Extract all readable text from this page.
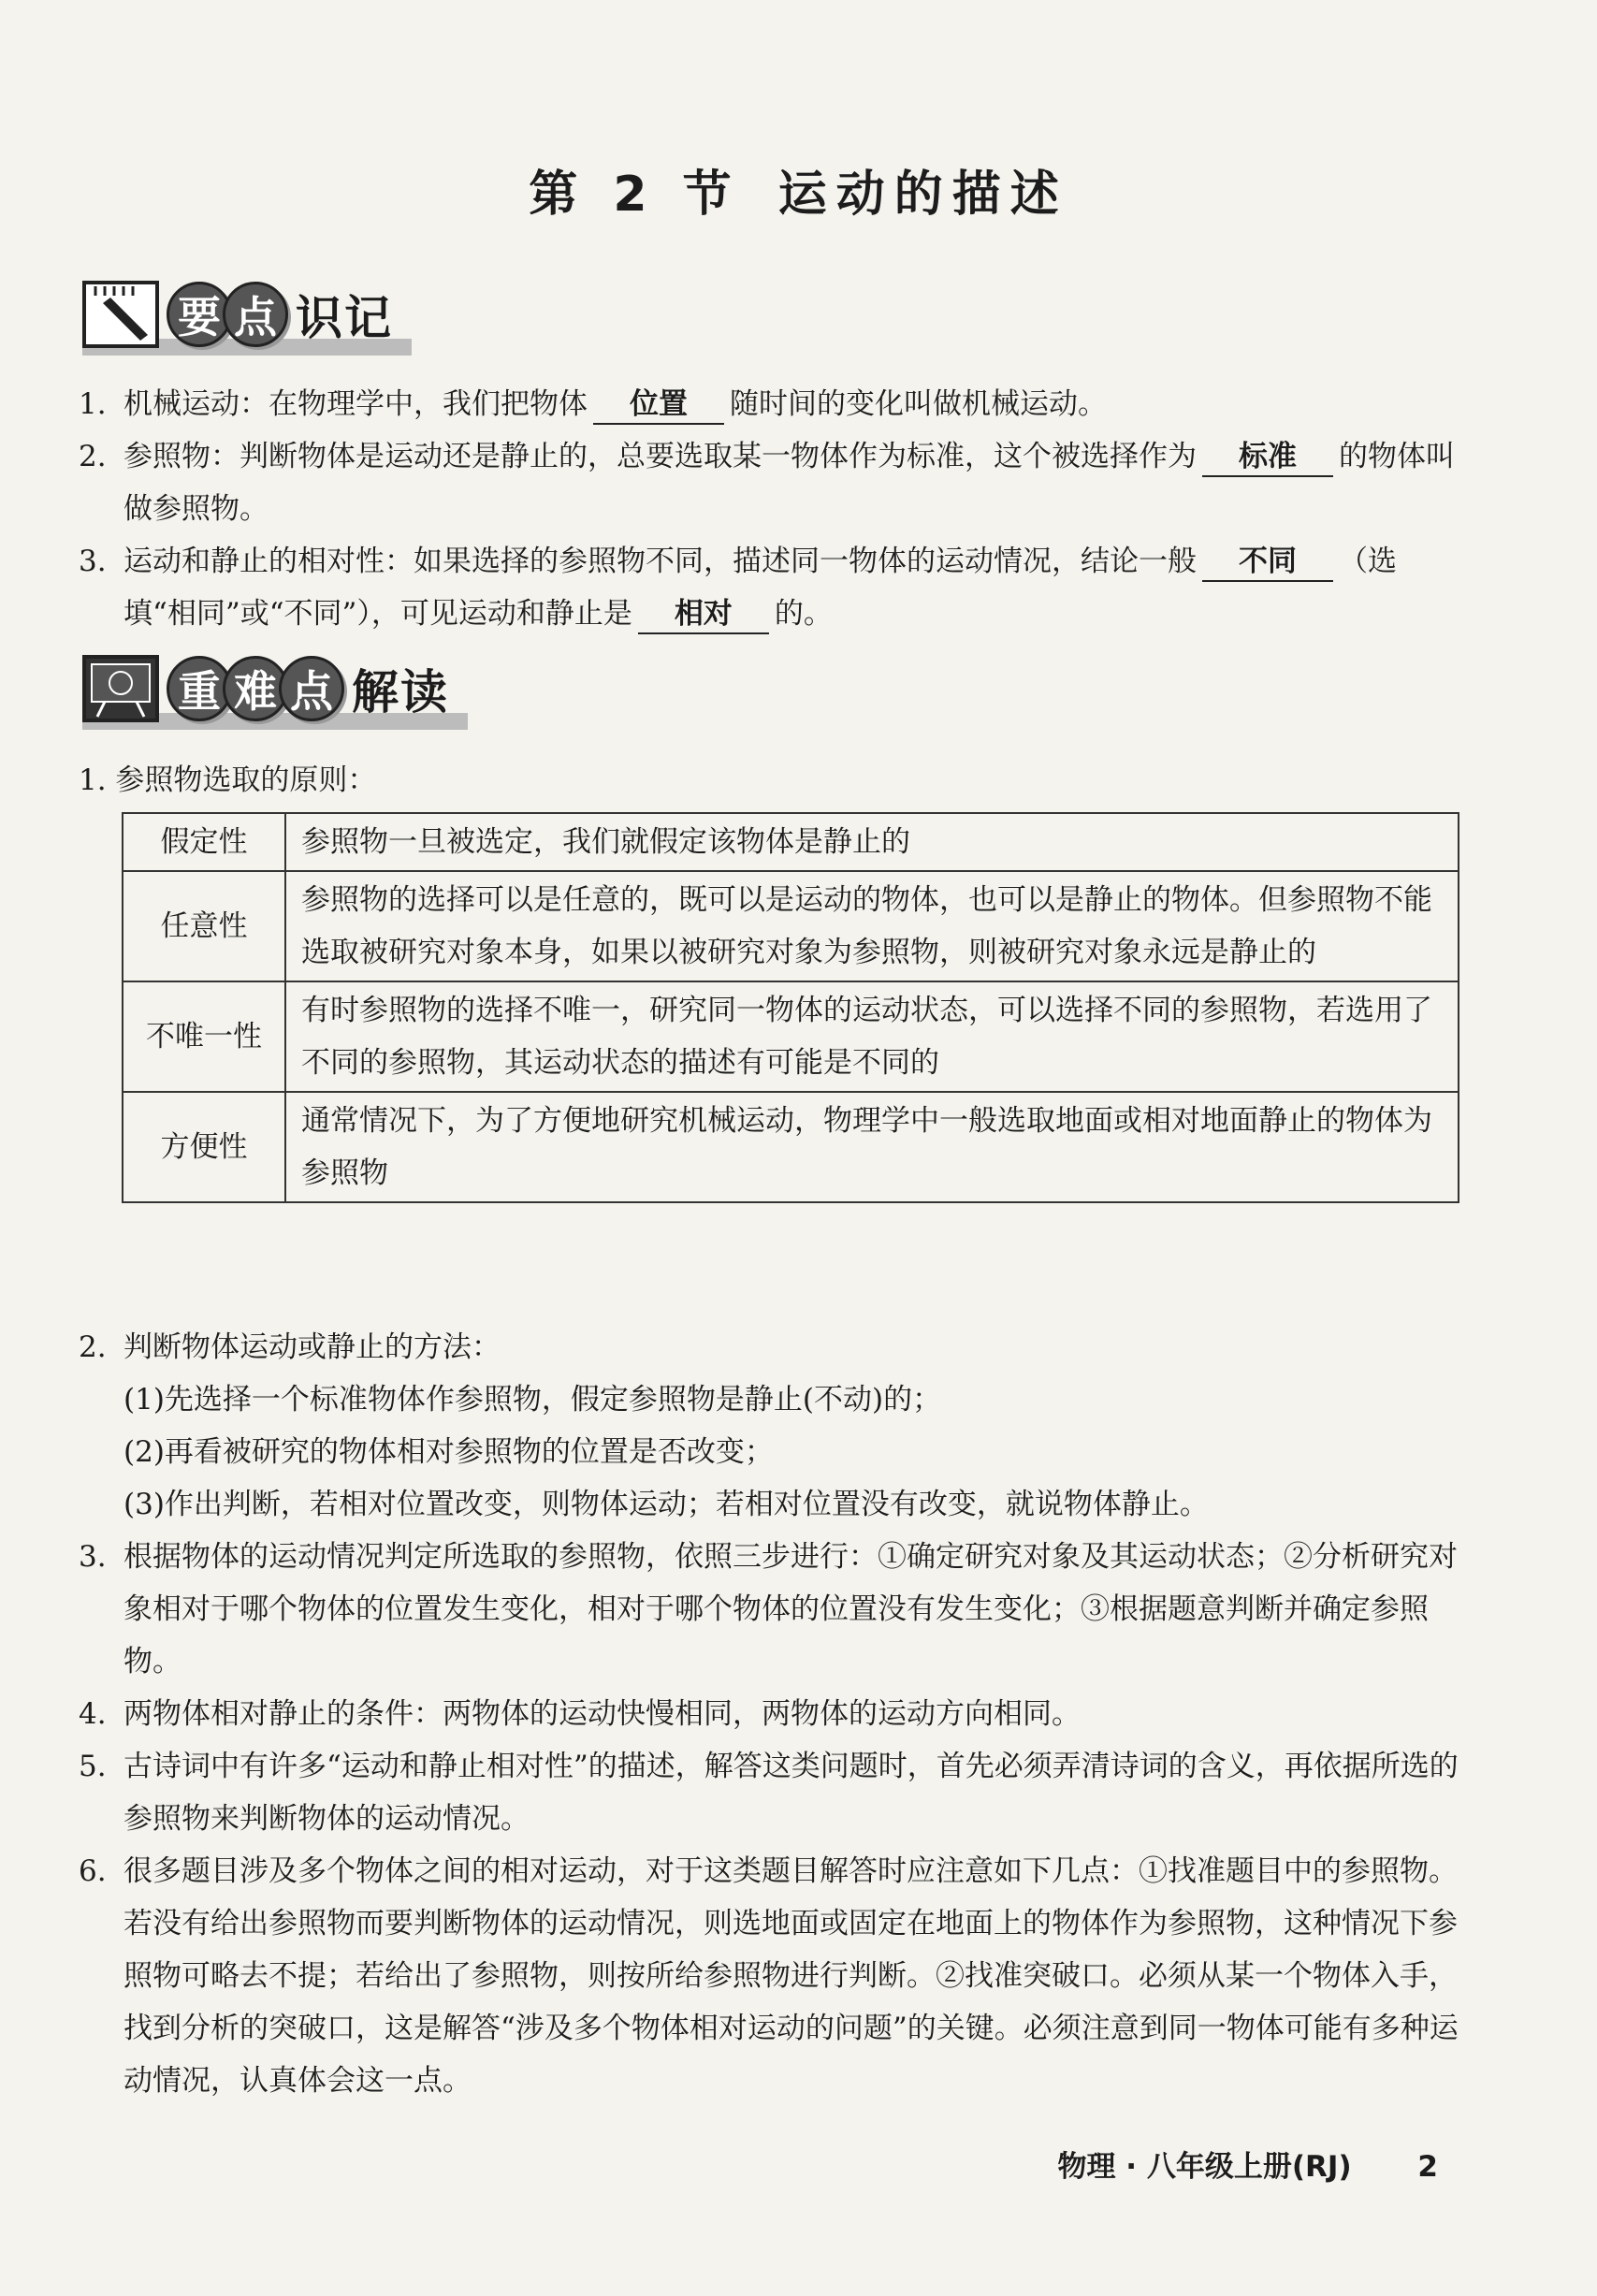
第 2 节 运动的描述
要 点 识记
1. 机械运动：在物理学中，我们把物体 位置 随时间的变化叫做机械运动。
2. 参照物：判断物体是运动还是静止的，总要选取某一物体作为标准，这个被选择作为 标准 的物体叫做参照物。
3. 运动和静止的相对性：如果选择的参照物不同，描述同一物体的运动情况，结论一般 不同 （选填“相同”或“不同”），可见运动和静止是 相对 的。
重 难 点 解读
1. 参照物选取的原则：
假定性	参照物一旦被选定，我们就假定该物体是静止的
任意性	参照物的选择可以是任意的，既可以是运动的物体，也可以是静止的物体。但参照物不能选取被研究对象本身，如果以被研究对象为参照物，则被研究对象永远是静止的
不唯一性	有时参照物的选择不唯一，研究同一物体的运动状态，可以选择不同的参照物，若选用了不同的参照物，其运动状态的描述有可能是不同的
方便性	通常情况下，为了方便地研究机械运动，物理学中一般选取地面或相对地面静止的物体为参照物
2. 判断物体运动或静止的方法：
(1)先选择一个标准物体作参照物，假定参照物是静止(不动)的；
(2)再看被研究的物体相对参照物的位置是否改变；
(3)作出判断，若相对位置改变，则物体运动；若相对位置没有改变，就说物体静止。
3. 根据物体的运动情况判定所选取的参照物，依照三步进行：①确定研究对象及其运动状态；②分析研究对象相对于哪个物体的位置发生变化，相对于哪个物体的位置没有发生变化；③根据题意判断并确定参照物。
4. 两物体相对静止的条件：两物体的运动快慢相同，两物体的运动方向相同。
5. 古诗词中有许多“运动和静止相对性”的描述，解答这类问题时，首先必须弄清诗词的含义，再依据所选的参照物来判断物体的运动情况。
6. 很多题目涉及多个物体之间的相对运动，对于这类题目解答时应注意如下几点：①找准题目中的参照物。若没有给出参照物而要判断物体的运动情况，则选地面或固定在地面上的物体作为参照物，这种情况下参照物可略去不提；若给出了参照物，则按所给参照物进行判断。②找准突破口。必须从某一个物体入手，找到分析的突破口，这是解答“涉及多个物体相对运动的问题”的关键。必须注意到同一物体可能有多种运动情况，认真体会这一点。
物理 · 八年级上册(RJ) 2
